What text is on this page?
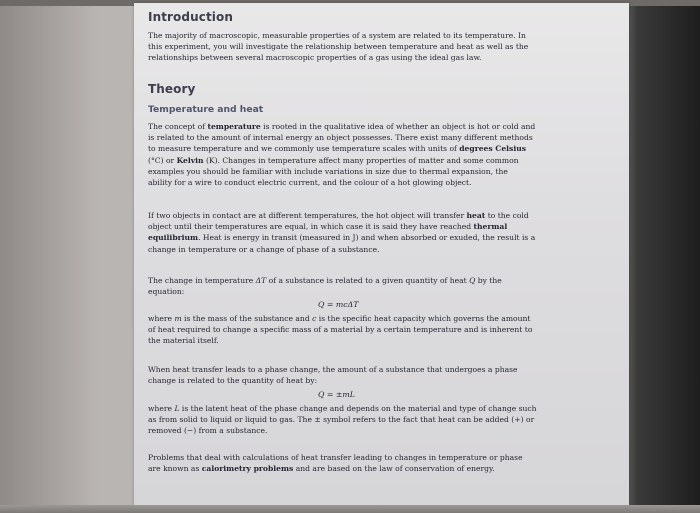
Introduction
The majority of macroscopic, measurable properties of a system are related to its temperature. In
this experiment, you will investigate the relationship between temperature and heat as well as the
relationships between several macroscopic properties of a gas using the ideal gas law.
Theory
Temperature and heat
The concept of temperature is rooted in the qualitative idea of whether an object is hot or cold and
is related to the amount of internal energy an object possesses. There exist many different methods
to measure temperature and we commonly use temperature scales with units of degrees Celsius
(°C) or Kelvin (K). Changes in temperature affect many properties of matter and some common
examples you should be familiar with include variations in size due to thermal expansion, the
ability for a wire to conduct electric current, and the colour of a hot glowing object.
If two objects in contact are at different temperatures, the hot object will transfer heat to the cold
object until their temperatures are equal, in which case it is said they have reached thermal
equilibrium. Heat is energy in transit (measured in J) and when absorbed or exuded, the result is a
change in temperature or a change of phase of a substance.
The change in temperature ΔT of a substance is related to a given quantity of heat Q by the
equation:
Q = mcΔT
where m is the mass of the substance and c is the specific heat capacity which governs the amount
of heat required to change a specific mass of a material by a certain temperature and is inherent to
the material itself.
When heat transfer leads to a phase change, the amount of a substance that undergoes a phase
change is related to the quantity of heat by:
Q = ±mL
where L is the latent heat of the phase change and depends on the material and type of change such
as from solid to liquid or liquid to gas. The ± symbol refers to the fact that heat can be added (+) or
removed (−) from a substance.
Problems that deal with calculations of heat transfer leading to changes in temperature or phase
are known as calorimetry problems and are based on the law of conservation of energy.
